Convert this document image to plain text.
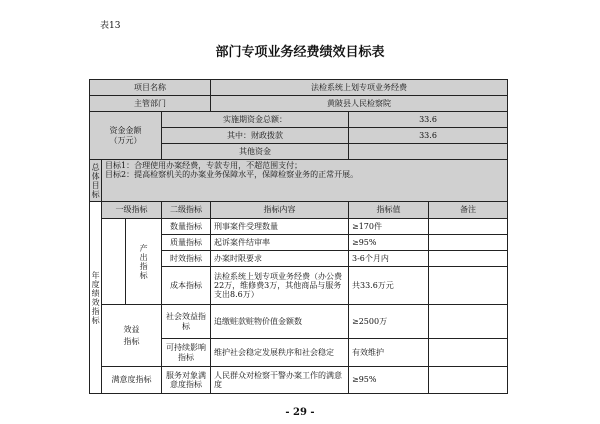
表13
部门专项业务经费绩效目标表
项目名称				法检系统上划专项业务经费		
主管部门				黄陂县人民检察院		

资金金额
（万元）			实施期资金总额：		33.6	
			其中：财政拨款		33.6	
			其他资金			
总体目标	目标1：合理使用办案经费，专款专用，不超范围支付；
目标2：提高检察机关的办案业务保障水平，保障检察业务的正常开展。					

年度绩效指标	一级指标		二级指标	指标内容	指标值	备注
		产出指标	数量指标	刑事案件受理数量	≥170件	
			质量指标	起诉案件结审率	≥95%	
			时效指标	办案时限要求	3-6个月内	
			成本指标	法检系统上划专项业务经费（办公费22万，维修费3万，其他商品与服务支出8.6万）	共33.6万元	

	效益指标		社会效益指标	追缴赃款赃物价值金额数	≥2500万	
			可持续影响指标	维护社会稳定发展秩序和社会稳定	有效维护	
	满意度指标		服务对象满意度指标	人民群众对检察干警办案工作的满意度	≥95%	
- 29 -
